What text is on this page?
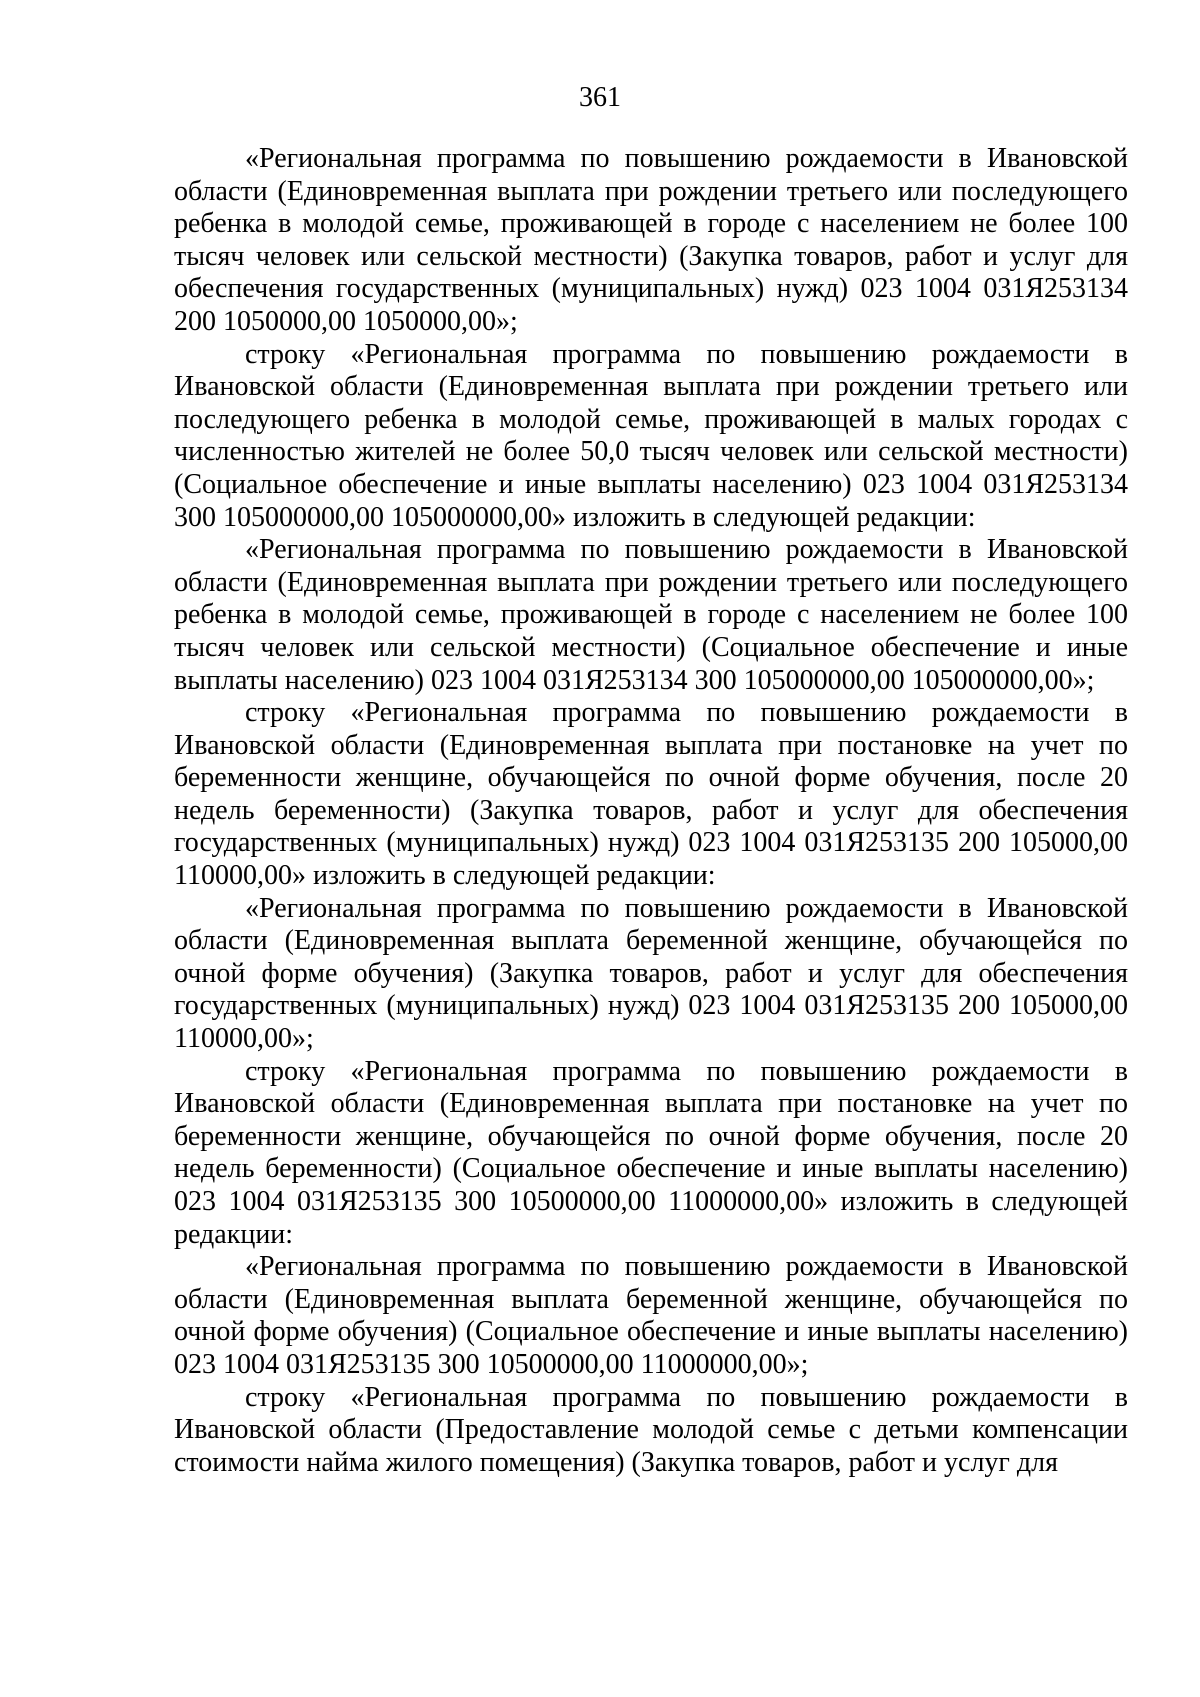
361

«Региональная программа по повышению рождаемости в Ивановской области (Единовременная выплата при рождении третьего или последующего ребенка в молодой семье, проживающей в городе с населением не более 100 тысяч человек или сельской местности) (Закупка товаров, работ и услуг для обеспечения государственных (муниципальных) нужд) 023 1004 031Я253134 200 1050000,00 1050000,00»;

строку «Региональная программа по повышению рождаемости в Ивановской области (Единовременная выплата при рождении третьего или последующего ребенка в молодой семье, проживающей в малых городах с численностью жителей не более 50,0 тысяч человек или сельской местности) (Социальное обеспечение и иные выплаты населению) 023 1004 031Я253134 300 105000000,00 105000000,00» изложить в следующей редакции:

«Региональная программа по повышению рождаемости в Ивановской области (Единовременная выплата при рождении третьего или последующего ребенка в молодой семье, проживающей в городе с населением не более 100 тысяч человек или сельской местности) (Социальное обеспечение и иные выплаты населению) 023 1004 031Я253134 300 105000000,00 105000000,00»;

строку «Региональная программа по повышению рождаемости в Ивановской области (Единовременная выплата при постановке на учет по беременности женщине, обучающейся по очной форме обучения, после 20 недель беременности) (Закупка товаров, работ и услуг для обеспечения государственных (муниципальных) нужд) 023 1004 031Я253135 200 105000,00 110000,00» изложить в следующей редакции:

«Региональная программа по повышению рождаемости в Ивановской области (Единовременная выплата беременной женщине, обучающейся по очной форме обучения) (Закупка товаров, работ и услуг для обеспечения государственных (муниципальных) нужд) 023 1004 031Я253135 200 105000,00 110000,00»;

строку «Региональная программа по повышению рождаемости в Ивановской области (Единовременная выплата при постановке на учет по беременности женщине, обучающейся по очной форме обучения, после 20 недель беременности) (Социальное обеспечение и иные выплаты населению) 023 1004 031Я253135 300 10500000,00 11000000,00» изложить в следующей редакции:

«Региональная программа по повышению рождаемости в Ивановской области (Единовременная выплата беременной женщине, обучающейся по очной форме обучения) (Социальное обеспечение и иные выплаты населению) 023 1004 031Я253135 300 10500000,00 11000000,00»;

строку «Региональная программа по повышению рождаемости в Ивановской области (Предоставление молодой семье с детьми компенсации стоимости найма жилого помещения) (Закупка товаров, работ и услуг для
